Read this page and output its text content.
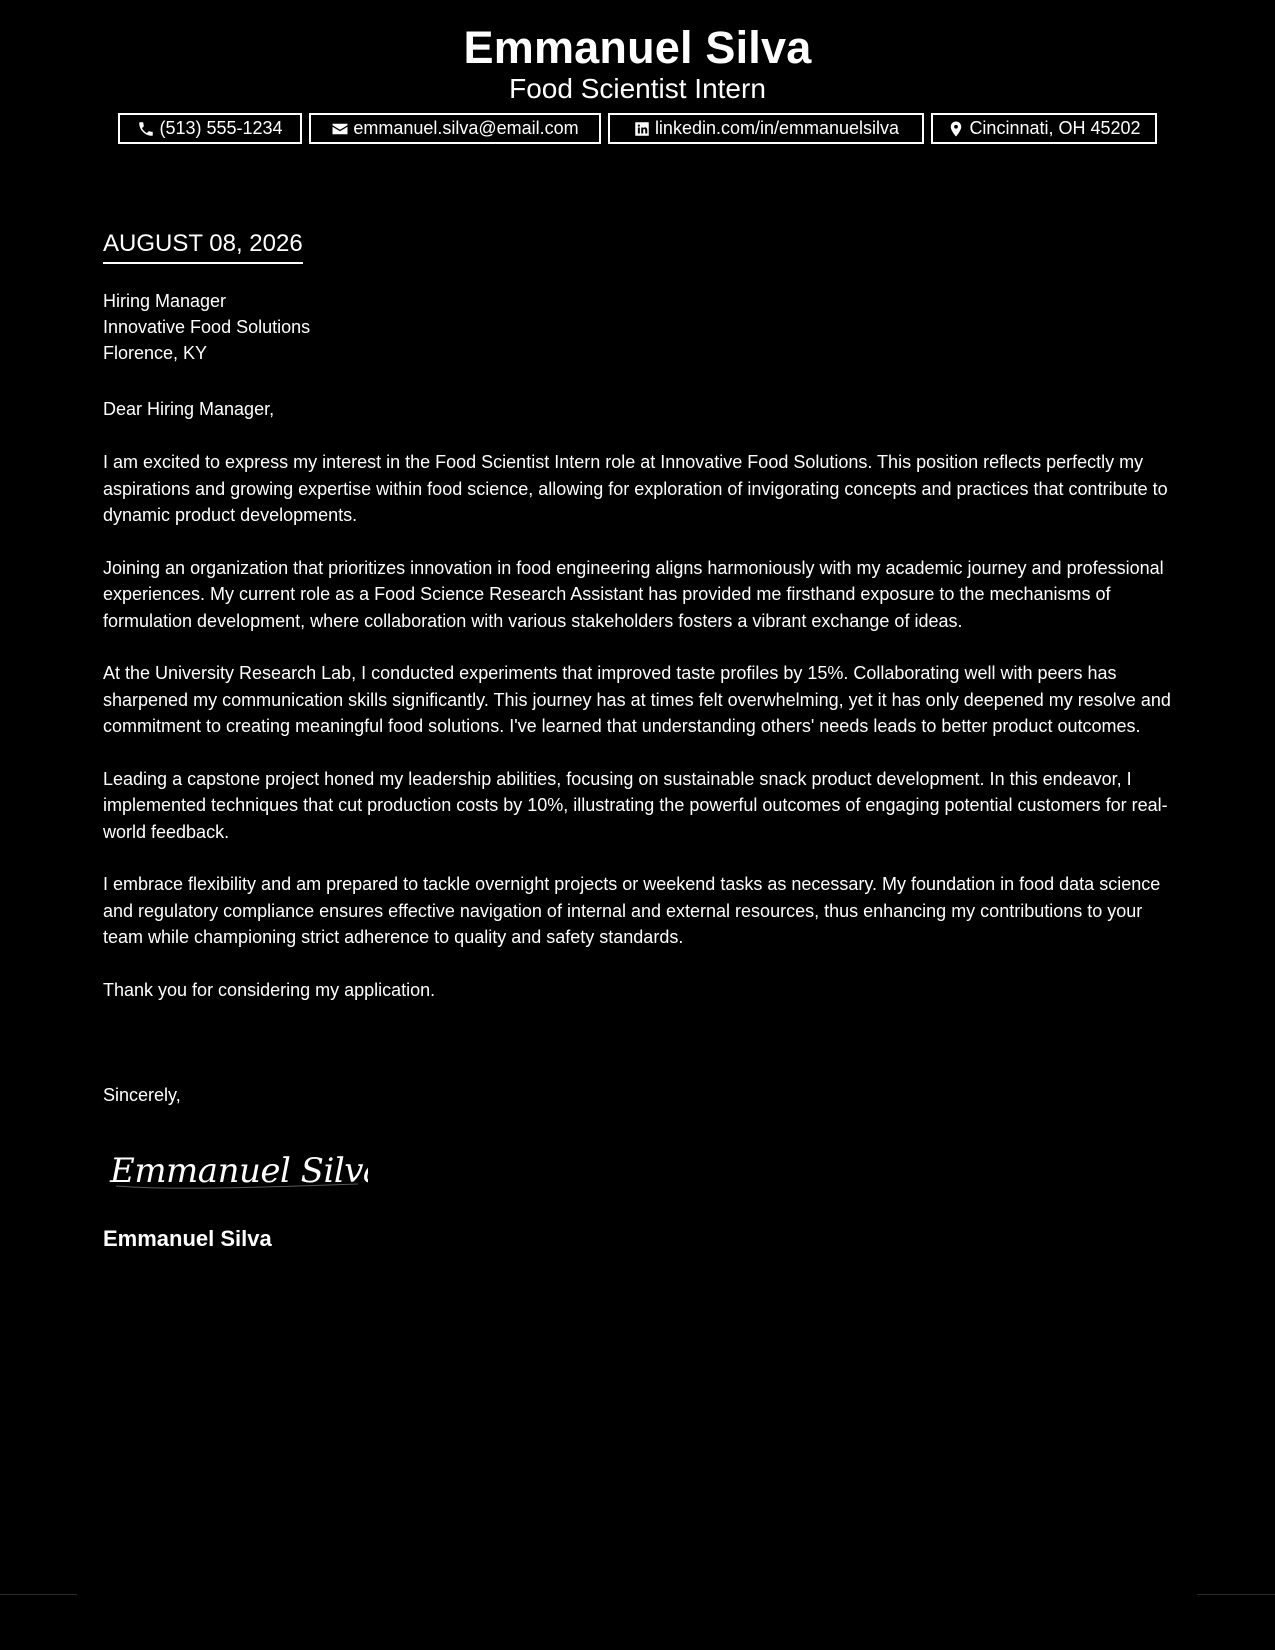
Emmanuel Silva
Food Scientist Intern
(513) 555-1234	emmanuel.silva@email.com	linkedin.com/in/emmanuelsilva	Cincinnati, OH 45202
AUGUST 08, 2026
Hiring Manager
Innovative Food Solutions
Florence, KY
Dear Hiring Manager,

I am excited to express my interest in the Food Scientist Intern role at Innovative Food Solutions. This position reflects perfectly my aspirations and growing expertise within food science, allowing for exploration of invigorating concepts and practices that contribute to dynamic product developments.

Joining an organization that prioritizes innovation in food engineering aligns harmoniously with my academic journey and professional experiences. My current role as a Food Science Research Assistant has provided me firsthand exposure to the mechanisms of formulation development, where collaboration with various stakeholders fosters a vibrant exchange of ideas.

At the University Research Lab, I conducted experiments that improved taste profiles by 15%. Collaborating well with peers has sharpened my communication skills significantly. This journey has at times felt overwhelming, yet it has only deepened my resolve and commitment to creating meaningful food solutions. I've learned that understanding others' needs leads to better product outcomes.

Leading a capstone project honed my leadership abilities, focusing on sustainable snack product development. In this endeavor, I implemented techniques that cut production costs by 10%, illustrating the powerful outcomes of engaging potential customers for real-world feedback.

I embrace flexibility and am prepared to tackle overnight projects or weekend tasks as necessary. My foundation in food data science and regulatory compliance ensures effective navigation of internal and external resources, thus enhancing my contributions to your team while championing strict adherence to quality and safety standards.

Thank you for considering my application.

Sincerely,
Emmanuel Silva
Emmanuel Silva
